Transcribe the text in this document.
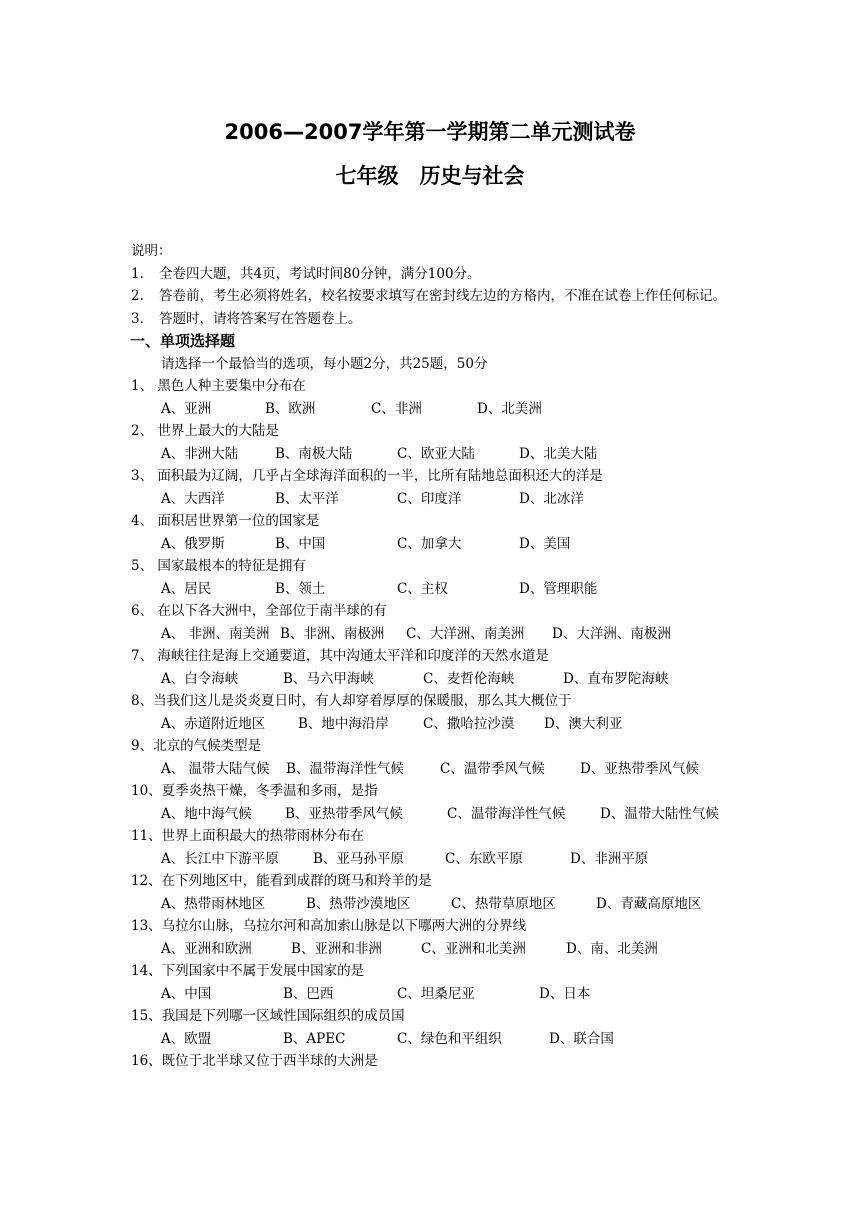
2006—2007学年第一学期第二单元测试卷
七年级　历史与社会
说明：
1.	全卷四大题，共4页，考试时间80分钟，满分100分。
2.	答卷前，考生必须将姓名，校名按要求填写在密封线左边的方格内，不准在试卷上作任何标记。
3.	答题时，请将答案写在答题卷上。
一、单项选择题
请选择一个最恰当的选项，每小题2分，共25题，50分
1、 黑色人种主要集中分布在
A、亚洲	B、欧洲	C、非洲	D、北美洲
2、 世界上最大的大陆是
A、非洲大陆	B、南极大陆	C、欧亚大陆	D、北美大陆
3、 面积最为辽阔，几乎占全球海洋面积的一半，比所有陆地总面积还大的洋是
A、大西洋	B、太平洋	C、印度洋	D、北冰洋
4、 面积居世界第一位的国家是
A、俄罗斯	B、中国	C、加拿大	D、美国
5、 国家最根本的特征是拥有
A、居民	B、领土	C、主权	D、管理职能
6、 在以下各大洲中，全部位于南半球的有
A、 非洲、南美洲 B、非洲、南极洲	C、大洋洲、南美洲	D、大洋洲、南极洲
7、 海峡往往是海上交通要道，其中沟通太平洋和印度洋的天然水道是
A、白令海峡	B、马六甲海峡	C、麦哲伦海峡	D、直布罗陀海峡
8、当我们这儿是炎炎夏日时，有人却穿着厚厚的保暖服，那么其大概位于
A、赤道附近地区	B、地中海沿岸	C、撒哈拉沙漠	D、澳大利亚
9、北京的气候类型是
A、 温带大陆气候	B、温带海洋性气候	C、温带季风气候	D、亚热带季风气候
10、夏季炎热干燥，冬季温和多雨，是指
A、地中海气候	B、亚热带季风气候	C、温带海洋性气候	D、温带大陆性气候
11、世界上面积最大的热带雨林分布在
A、长江中下游平原	B、亚马孙平原	C、东欧平原	D、非洲平原
12、在下列地区中，能看到成群的斑马和羚羊的是
A、热带雨林地区	B、热带沙漠地区	C、热带草原地区	D、青藏高原地区
13、乌拉尔山脉，乌拉尔河和高加索山脉是以下哪两大洲的分界线
A、亚洲和欧洲	B、亚洲和非洲	C、亚洲和北美洲	D、南、北美洲
14、下列国家中不属于发展中国家的是
A、中国	B、巴西	C、坦桑尼亚	D、日本
15、我国是下列哪一区域性国际组织的成员国
A、欧盟	B、APEC	C、绿色和平组织	D、联合国
16、既位于北半球又位于西半球的大洲是
